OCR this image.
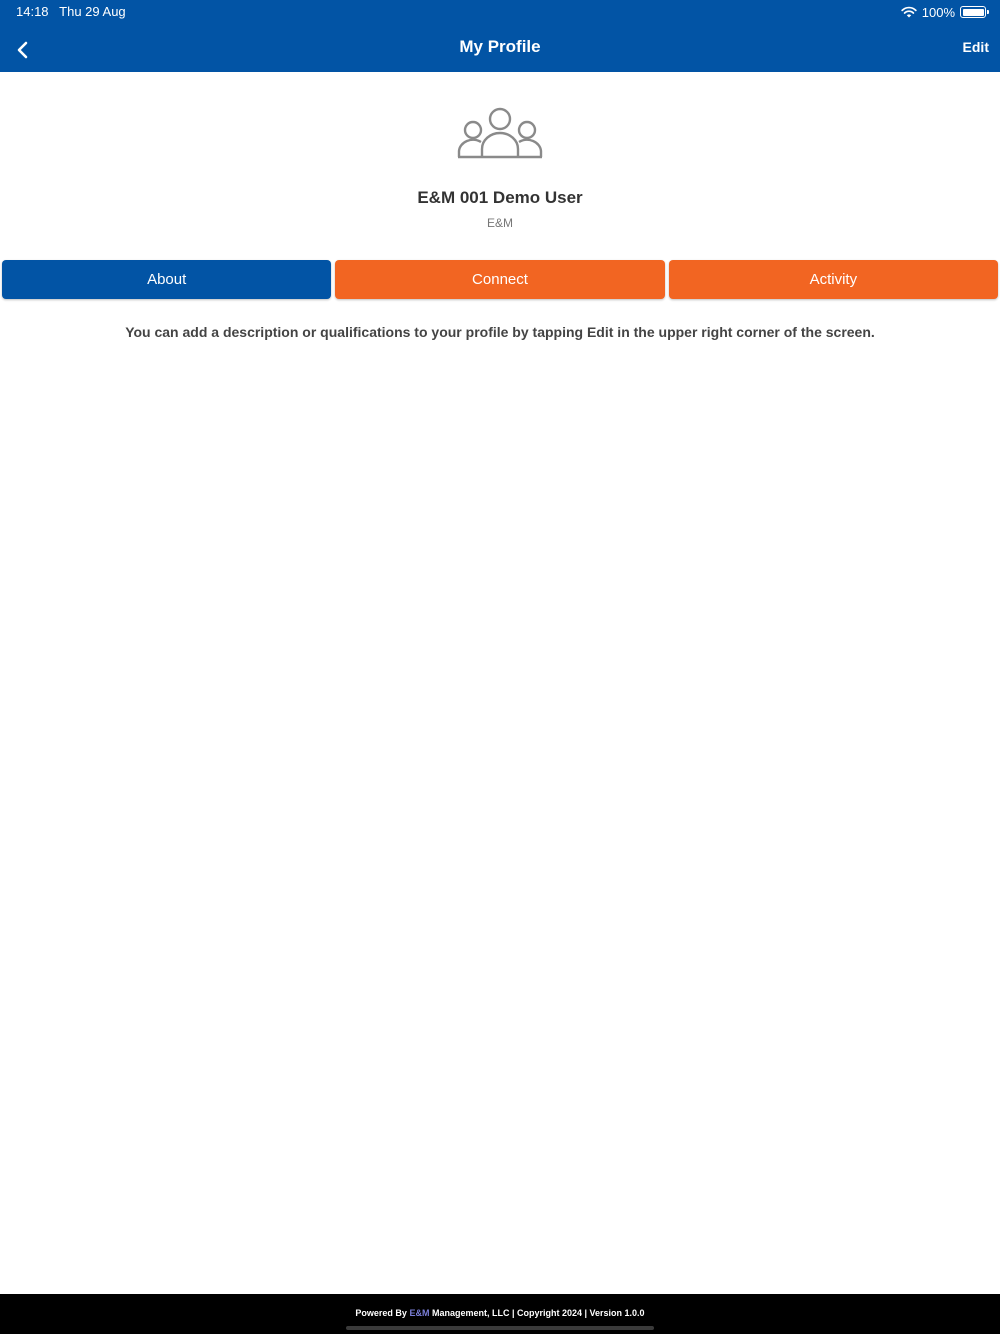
14:18 Thu 29 Aug	100%
My Profile	Edit
E&M 001 Demo User
E&M
About	Connect	Activity
You can add a description or qualifications to your profile by tapping Edit in the upper right corner of the screen.
Powered By E&M Management, LLC | Copyright 2024 | Version 1.0.0
